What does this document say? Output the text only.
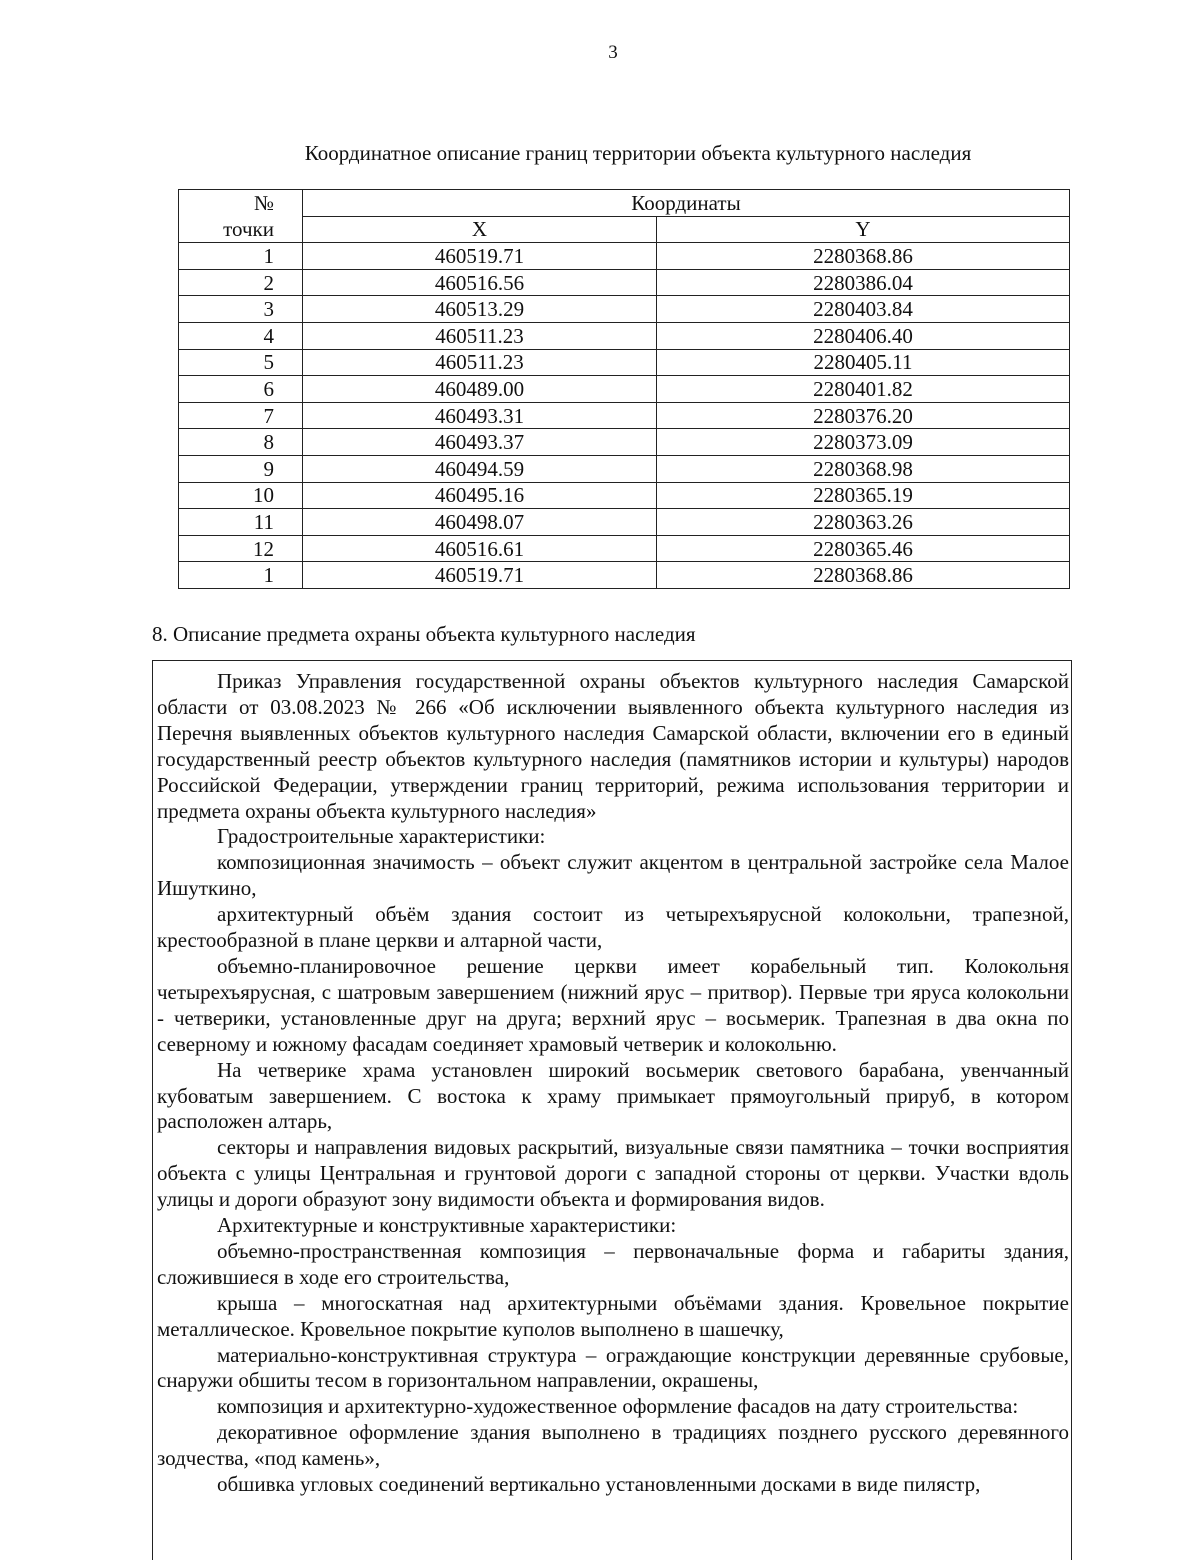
3
Координатное описание границ территории объекта культурного наследия
№	Координаты	
точки	X	Y
1	460519.71	2280368.86
2	460516.56	2280386.04
3	460513.29	2280403.84
4	460511.23	2280406.40
5	460511.23	2280405.11
6	460489.00	2280401.82
7	460493.31	2280376.20
8	460493.37	2280373.09
9	460494.59	2280368.98
10	460495.16	2280365.19
11	460498.07	2280363.26
12	460516.61	2280365.46
1	460519.71	2280368.86
8. Описание предмета охраны объекта культурного наследия

Приказ Управления государственной охраны объектов культурного наследия Самарской области от 03.08.2023 № 266 «Об исключении выявленного объекта культурного наследия из Перечня выявленных объектов культурного наследия Самарской области, включении его в единый государственный реестр объектов культурного наследия (памятников истории и культуры) народов Российской Федерации, утверждении границ территорий, режима использования территории и предмета охраны объекта культурного наследия»

Градостроительные характеристики:

композиционная значимость – объект служит акцентом в центральной застройке села Малое Ишуткино,

архитектурный объём здания состоит из четырехъярусной колокольни, трапезной, крестообразной в плане церкви и алтарной части,

объемно-планировочное решение церкви имеет корабельный тип. Колокольня четырехъярусная, с шатровым завершением (нижний ярус – притвор). Первые три яруса колокольни - четверики, установленные друг на друга; верхний ярус – восьмерик. Трапезная в два окна по северному и южному фасадам соединяет храмовый четверик и колокольню.

На четверике храма установлен широкий восьмерик светового барабана, увенчанный кубоватым завершением. С востока к храму примыкает прямоугольный прируб, в котором расположен алтарь,

секторы и направления видовых раскрытий, визуальные связи памятника – точки восприятия объекта с улицы Центральная и грунтовой дороги с западной стороны от церкви. Участки вдоль улицы и дороги образуют зону видимости объекта и формирования видов.

Архитектурные и конструктивные характеристики:

объемно-пространственная композиция – первоначальные форма и габариты здания, сложившиеся в ходе его строительства,

крыша – многоскатная над архитектурными объёмами здания. Кровельное покрытие металлическое. Кровельное покрытие куполов выполнено в шашечку,

материально-конструктивная структура – ограждающие конструкции деревянные срубовые, снаружи обшиты тесом в горизонтальном направлении, окрашены,

композиция и архитектурно-художественное оформление фасадов на дату строительства:

декоративное оформление здания выполнено в традициях позднего русского деревянного зодчества, «под камень»,

обшивка угловых соединений вертикально установленными досками в виде пилястр,
